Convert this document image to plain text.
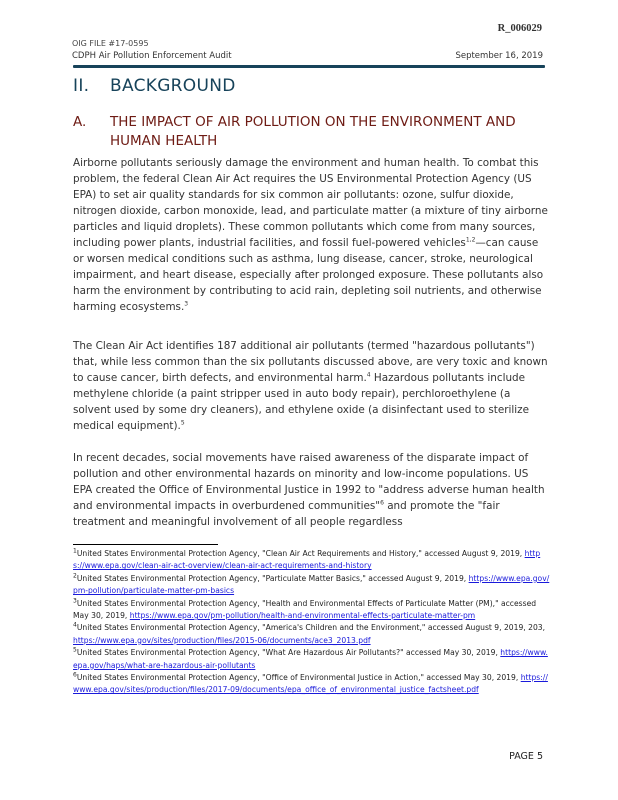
R_006029
OIG FILE #17-0595
CDPH Air Pollution Enforcement Audit	September 16, 2019
II. BACKGROUND
A. THE IMPACT OF AIR POLLUTION ON THE ENVIRONMENT AND HUMAN HEALTH
Airborne pollutants seriously damage the environment and human health. To combat this problem, the federal Clean Air Act requires the US Environmental Protection Agency (US EPA) to set air quality standards for six common air pollutants: ozone, sulfur dioxide, nitrogen dioxide, carbon monoxide, lead, and particulate matter (a mixture of tiny airborne particles and liquid droplets). These common pollutants which come from many sources, including power plants, industrial facilities, and fossil fuel-powered vehicles$^{1,2}$—can cause or worsen medical conditions such as asthma, lung disease, cancer, stroke, neurological impairment, and heart disease, especially after prolonged exposure. These pollutants also harm the environment by contributing to acid rain, depleting soil nutrients, and otherwise harming ecosystems.$^3$
The Clean Air Act identifies 187 additional air pollutants (termed "hazardous pollutants") that, while less common than the six pollutants discussed above, are very toxic and known to cause cancer, birth defects, and environmental harm.$^4$ Hazardous pollutants include methylene chloride (a paint stripper used in auto body repair), perchloroethylene (a solvent used by some dry cleaners), and ethylene oxide (a disinfectant used to sterilize medical equipment).$^5$
In recent decades, social movements have raised awareness of the disparate impact of pollution and other environmental hazards on minority and low-income populations. US EPA created the Office of Environmental Justice in 1992 to "address adverse human health and environmental impacts in overburdened communities"$^6$ and promote the "fair treatment and meaningful involvement of all people regardless
$^1$United States Environmental Protection Agency, "Clean Air Act Requirements and History," accessed August 9, 2019, https://www.epa.gov/clean-air-act-overview/clean-air-act-requirements-and-history
$^2$United States Environmental Protection Agency, "Particulate Matter Basics," accessed August 9, 2019, https://www.epa.gov/pm-pollution/particulate-matter-pm-basics
$^3$United States Environmental Protection Agency, "Health and Environmental Effects of Particulate Matter (PM)," accessed May 30, 2019, https://www.epa.gov/pm-pollution/health-and-environmental-effects-particulate-matter-pm
$^4$United States Environmental Protection Agency, "America's Children and the Environment," accessed August 9, 2019, 203, https://www.epa.gov/sites/production/files/2015-06/documents/ace3_2013.pdf
$^5$United States Environmental Protection Agency, "What Are Hazardous Air Pollutants?" accessed May 30, 2019, https://www.epa.gov/haps/what-are-hazardous-air-pollutants
$^6$United States Environmental Protection Agency, "Office of Environmental Justice in Action," accessed May 30, 2019, https://www.epa.gov/sites/production/files/2017-09/documents/epa_office_of_environmental_justice_factsheet.pdf
PAGE 5
